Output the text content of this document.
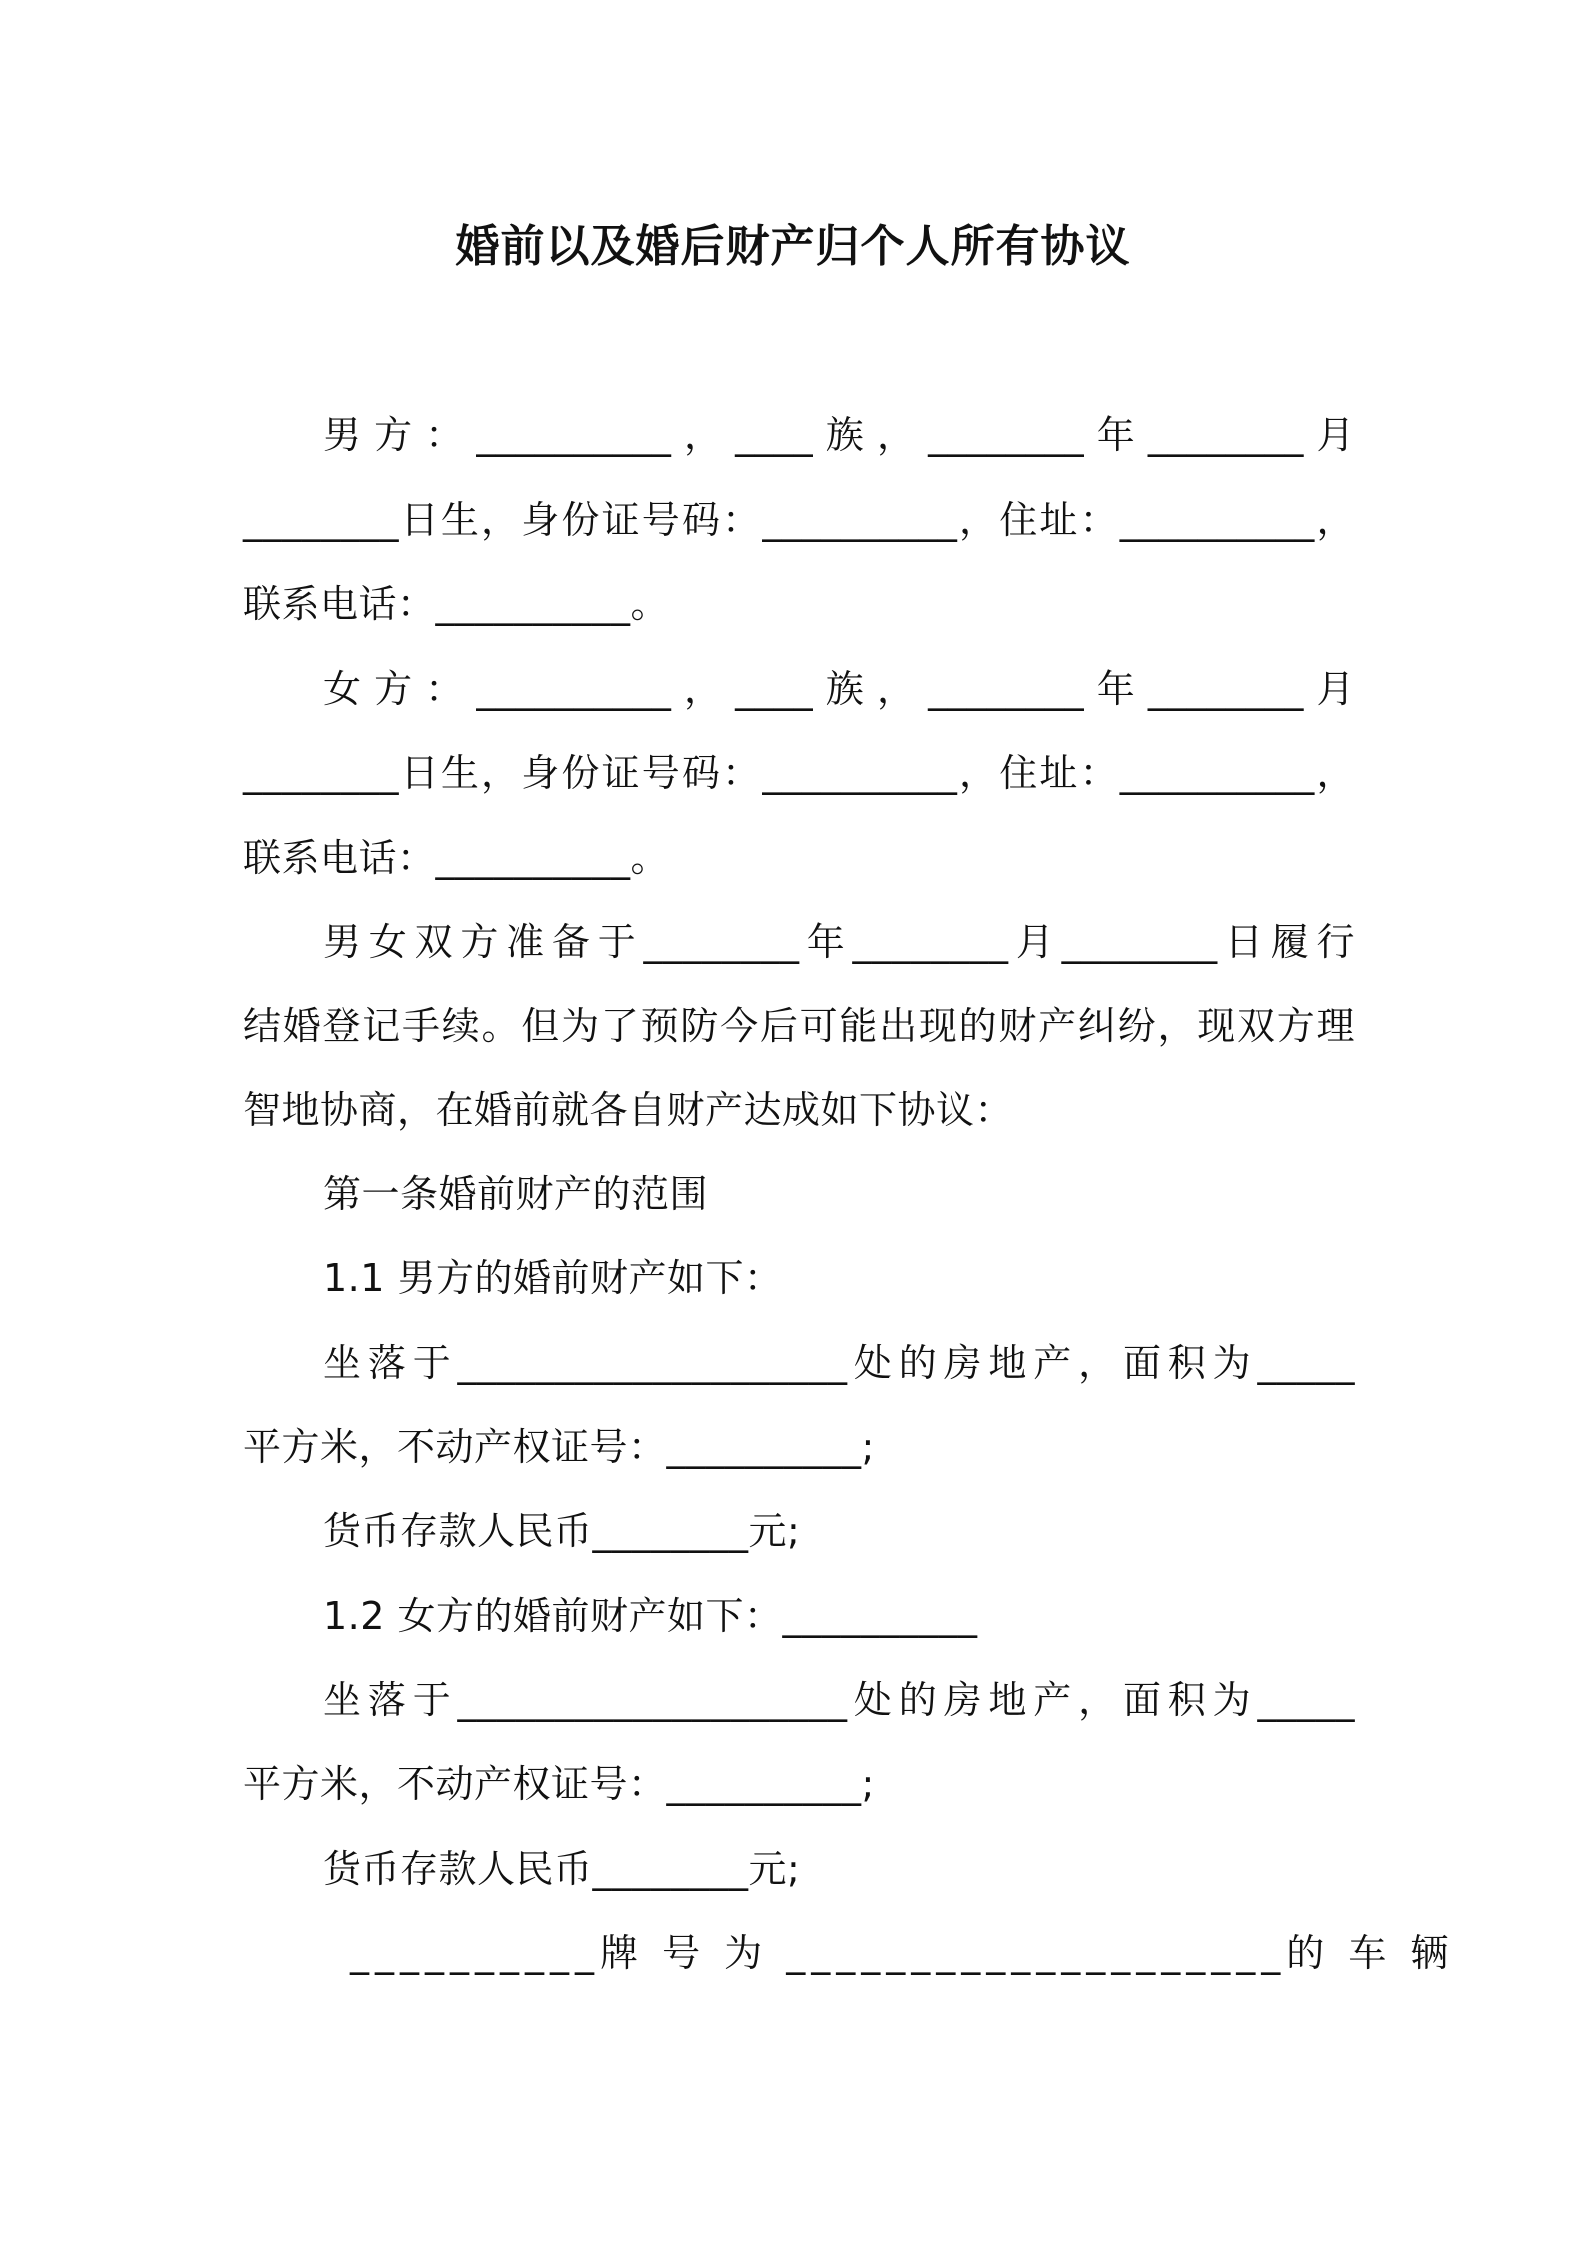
婚前以及婚后财产归个人所有协议
男方：__________，____族，________年________月
________日生，身份证号码：__________，住址：__________，
联系电话：__________。
女方：__________，____族，________年________月
________日生，身份证号码：__________，住址：__________，
联系电话：__________。
男女双方准备于________年________月________日履行
结婚登记手续。但为了预防今后可能出现的财产纠纷，现双方理
智地协商，在婚前就各自财产达成如下协议：
第一条婚前财产的范围
1.1 男方的婚前财产如下：
坐落于____________________处的房地产，面积为_____
平方米，不动产权证号：__________;
货币存款人民币________元;
1.2 女方的婚前财产如下：__________
坐落于____________________处的房地产，面积为_____
平方米，不动产权证号：__________;
货币存款人民币________元;
__________牌 号 为 ____________________的 车 辆
